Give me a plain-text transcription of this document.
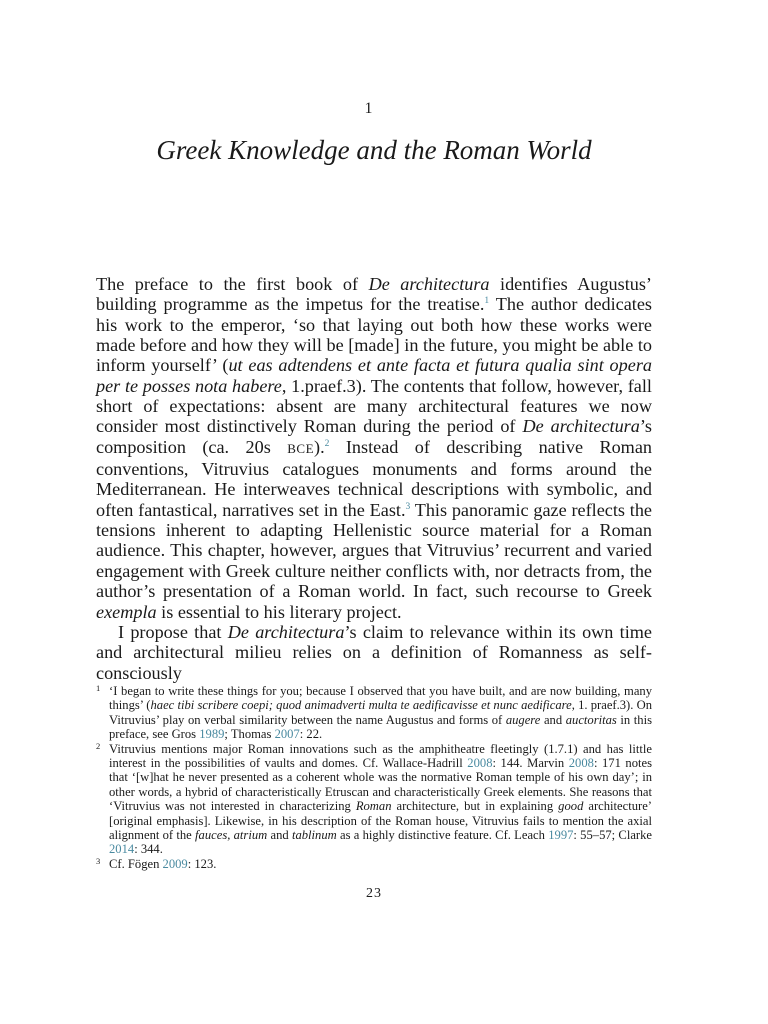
1
Greek Knowledge and the Roman World

The preface to the first book of De architectura identifies Augustus’ building programme as the impetus for the treatise.$^1$ The author dedicates his work to the emperor, ‘so that laying out both how these works were made before and how they will be [made] in the future, you might be able to inform yourself’ (ut eas adtendens et ante facta et futura qualia sint opera per te posses nota habere, 1.praef.3). The contents that follow, however, fall short of expectations: absent are many architectural features we now consider most distinctively Roman during the period of De architectura’s composition (ca. 20s BCE).$^2$ Instead of describing native Roman conventions, Vitruvius catalogues monuments and forms around the Mediterranean. He interweaves technical descriptions with symbolic, and often fantastical, narratives set in the East.$^3$ This panoramic gaze reflects the tensions inherent to adapting Hellenistic source material for a Roman audience. This chapter, however, argues that Vitruvius’ recurrent and varied engagement with Greek culture neither conflicts with, nor detracts from, the author’s presentation of a Roman world. In fact, such recourse to Greek exempla is essential to his literary project.

I propose that De architectura’s claim to relevance within its own time and architectural milieu relies on a definition of Romanness as self-consciously

1 ‘I began to write these things for you; because I observed that you have built, and are now building, many things’ (haec tibi scribere coepi; quod animadverti multa te aedificavisse et nunc aedificare, 1. praef.3). On Vitruvius’ play on verbal similarity between the name Augustus and forms of augere and auctoritas in this preface, see Gros 1989; Thomas 2007: 22.

2 Vitruvius mentions major Roman innovations such as the amphitheatre fleetingly (1.7.1) and has little interest in the possibilities of vaults and domes. Cf. Wallace-Hadrill 2008: 144. Marvin 2008: 171 notes that ‘[w]hat he never presented as a coherent whole was the normative Roman temple of his own day’; in other words, a hybrid of characteristically Etruscan and characteristically Greek elements. She reasons that ‘Vitruvius was not interested in characterizing Roman architecture, but in explaining good architecture’ [original emphasis]. Likewise, in his description of the Roman house, Vitruvius fails to mention the axial alignment of the fauces, atrium and tablinum as a highly distinctive feature. Cf. Leach 1997: 55–57; Clarke 2014: 344.

3 Cf. Fögen 2009: 123.

23
